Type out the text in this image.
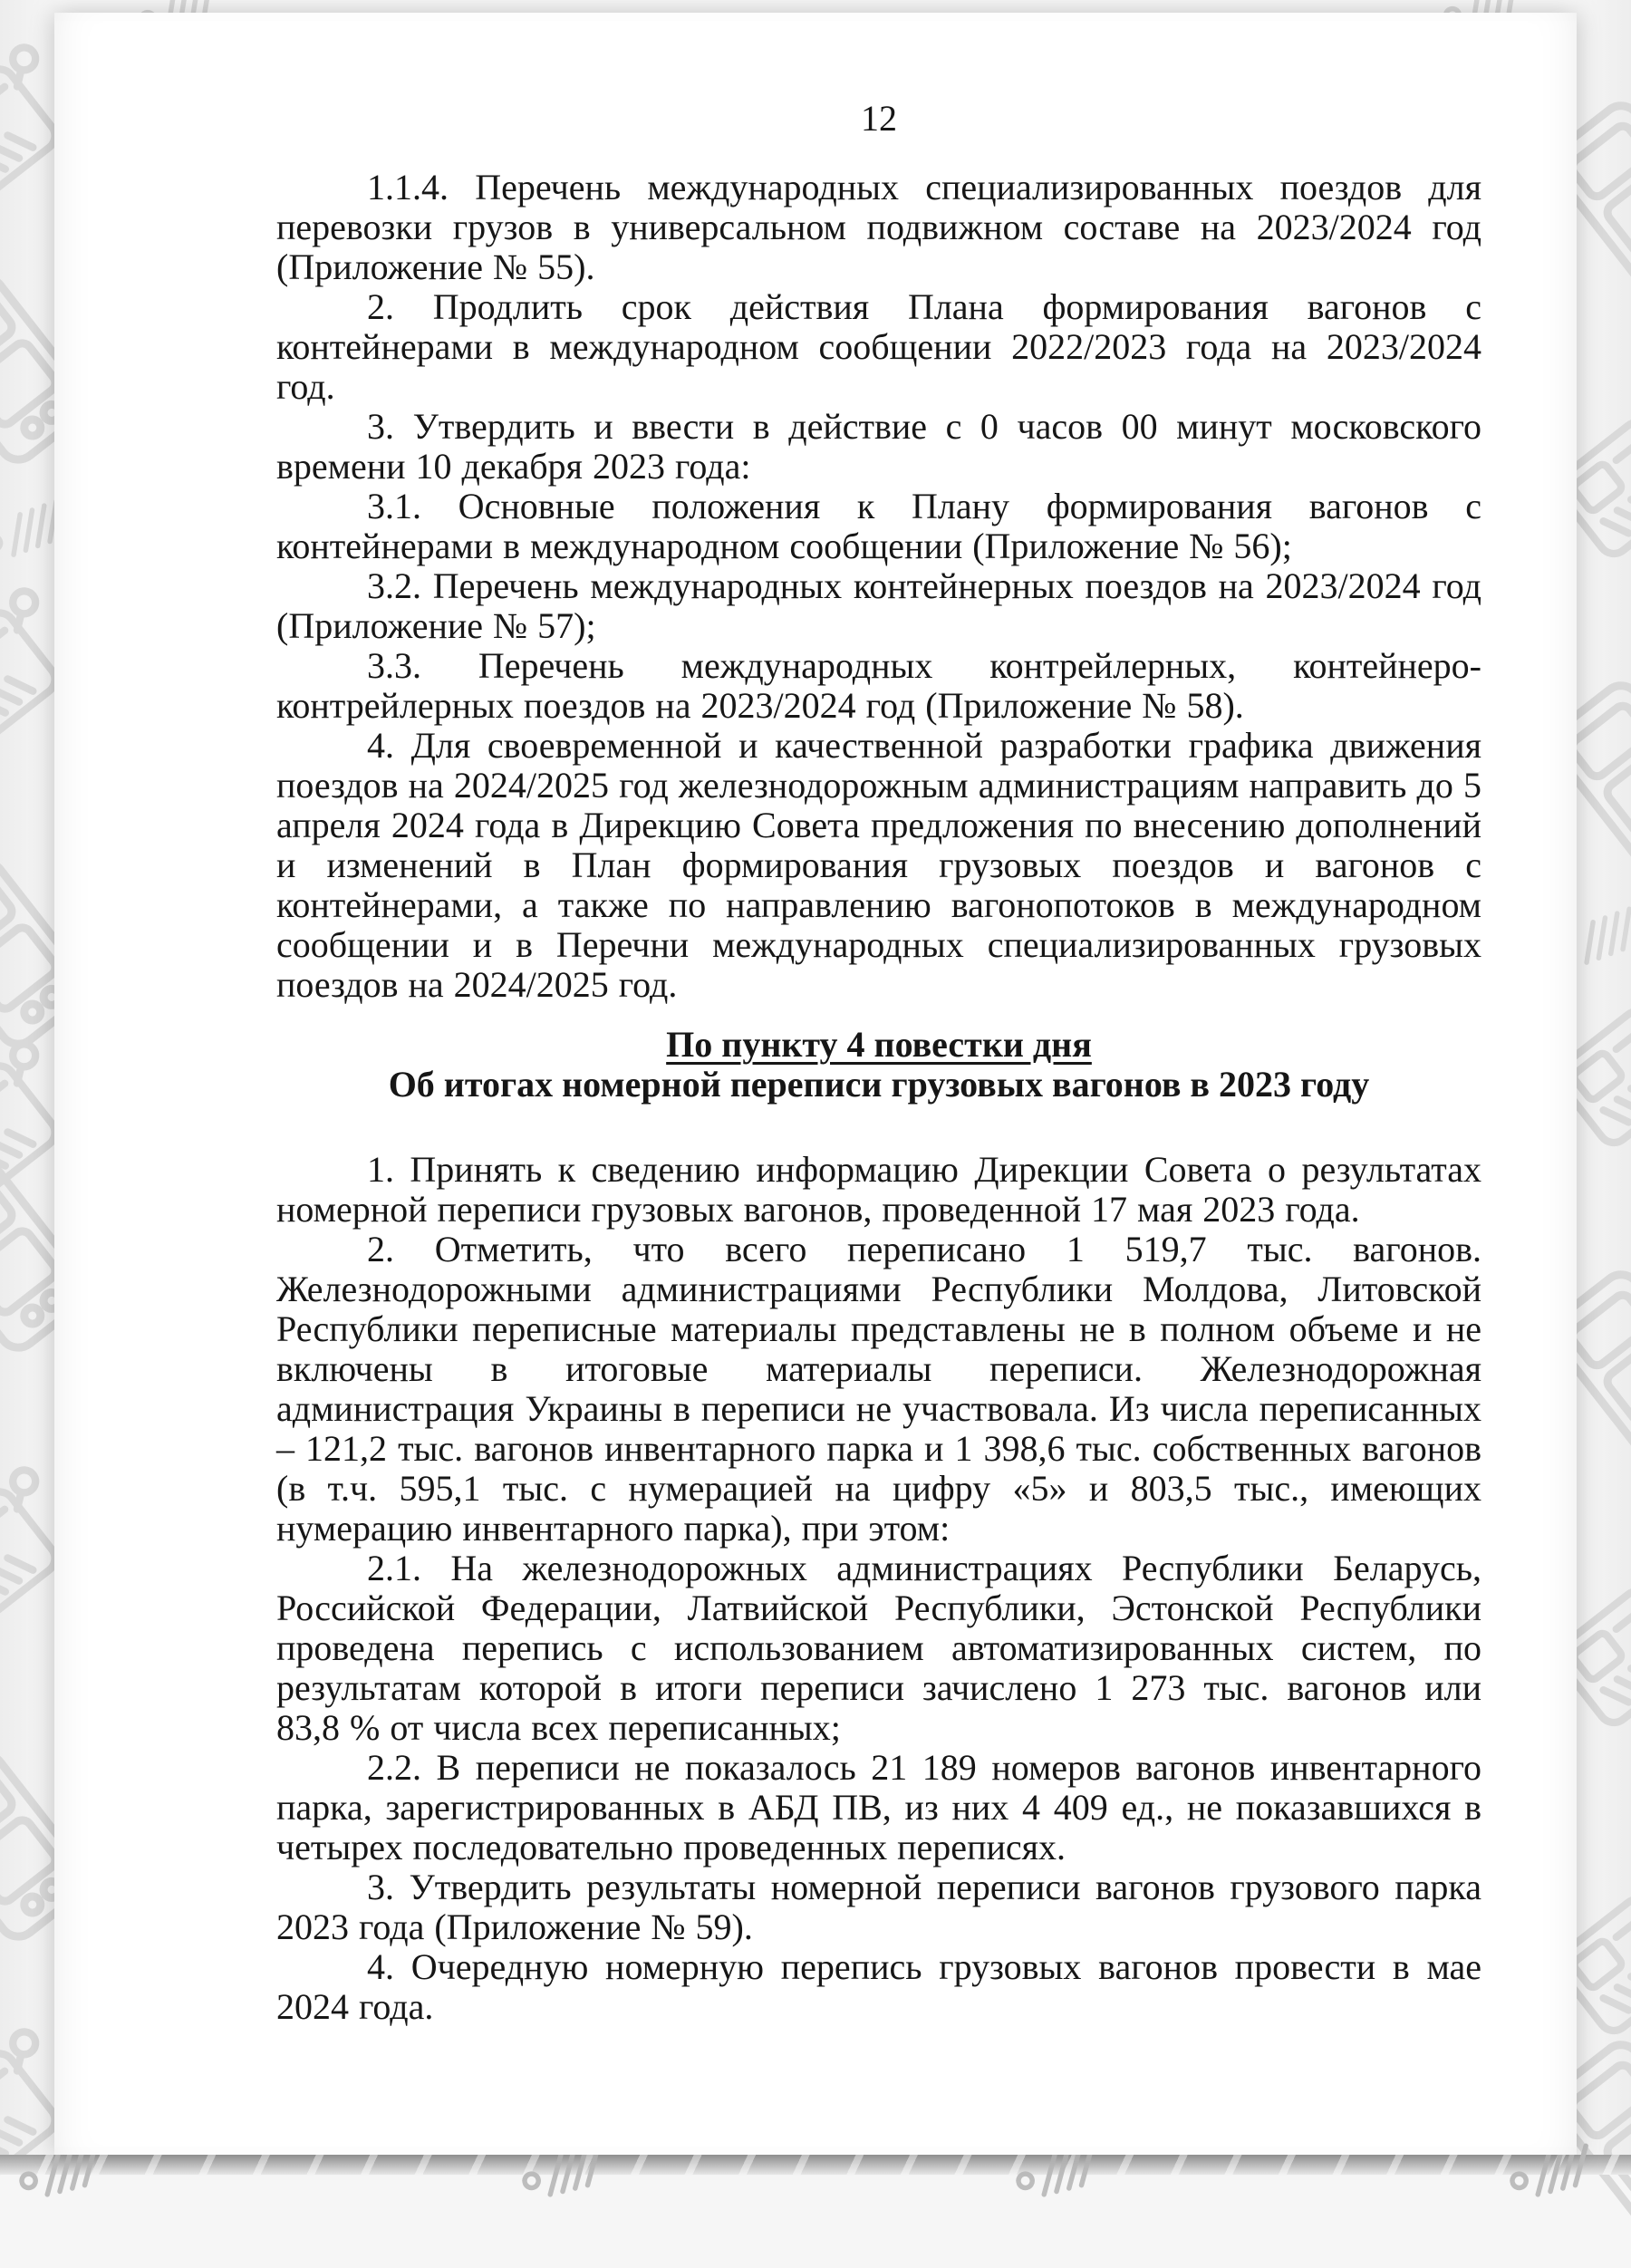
12

1.1.4. Перечень международных специализированных поездов для перевозки грузов в универсальном подвижном составе на 2023/2024 год (Приложение № 55).

2. Продлить срок действия Плана формирования вагонов с контейнерами в международном сообщении 2022/2023 года на 2023/2024 год.

3. Утвердить и ввести в действие с 0 часов 00 минут московского времени 10 декабря 2023 года:

3.1. Основные положения к Плану формирования вагонов с контейнерами в международном сообщении (Приложение № 56);

3.2. Перечень международных контейнерных поездов на 2023/2024 год (Приложение № 57);

3.3. Перечень международных контрейлерных, контейнеро-контрейлерных поездов на 2023/2024 год (Приложение № 58).

4. Для своевременной и качественной разработки графика движения поездов на 2024/2025 год железнодорожным администрациям направить до 5 апреля 2024 года в Дирекцию Совета предложения по внесению дополнений и изменений в План формирования грузовых поездов и вагонов с контейнерами, а также по направлению вагонопотоков в международном сообщении и в Перечни международных специализированных грузовых поездов на 2024/2025 год.

По пункту 4 повестки дня
Об итогах номерной переписи грузовых вагонов в 2023 году

1. Принять к сведению информацию Дирекции Совета о результатах номерной переписи грузовых вагонов, проведенной 17 мая 2023 года.

2. Отметить, что всего переписано 1 519,7 тыс. вагонов. Железнодорожными администрациями Республики Молдова, Литовской Республики переписные материалы представлены не в полном объеме и не включены в итоговые материалы переписи. Железнодорожная администрация Украины в переписи не участвовала. Из числа переписанных – 121,2 тыс. вагонов инвентарного парка и 1 398,6 тыс. собственных вагонов (в т.ч. 595,1 тыс. с нумерацией на цифру «5» и 803,5 тыс., имеющих нумерацию инвентарного парка), при этом:

2.1. На железнодорожных администрациях Республики Беларусь, Российской Федерации, Латвийской Республики, Эстонской Республики проведена перепись с использованием автоматизированных систем, по результатам которой в итоги переписи зачислено 1 273 тыс. вагонов или 83,8 % от числа всех переписанных;

2.2. В переписи не показалось 21 189 номеров вагонов инвентарного парка, зарегистрированных в АБД ПВ, из них 4 409 ед., не показавшихся в четырех последовательно проведенных переписях.

3. Утвердить результаты номерной переписи вагонов грузового парка 2023 года (Приложение № 59).

4. Очередную номерную перепись грузовых вагонов провести в мае 2024 года.
